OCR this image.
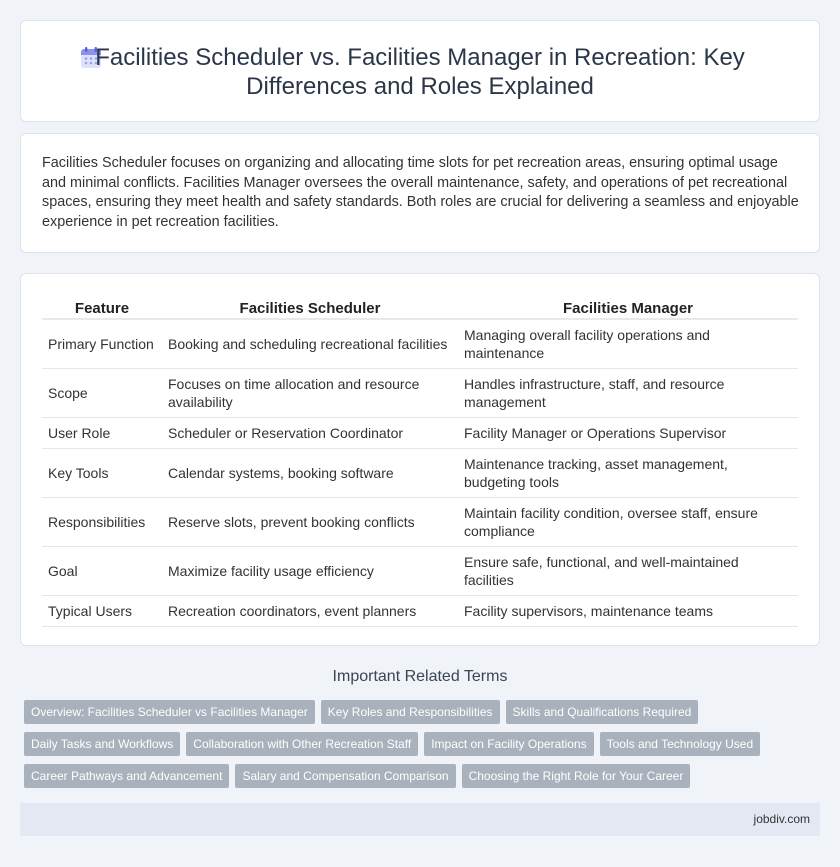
Facilities Scheduler vs. Facilities Manager in Recreation: Key Differences and Roles Explained

Facilities Scheduler focuses on organizing and allocating time slots for pet recreation areas, ensuring optimal usage and minimal conflicts. Facilities Manager oversees the overall maintenance, safety, and operations of pet recreational spaces, ensuring they meet health and safety standards. Both roles are crucial for delivering a seamless and enjoyable experience in pet recreation facilities.

Feature	Facilities Scheduler	Facilities Manager
Primary Function	Booking and scheduling recreational facilities	Managing overall facility operations and maintenance
Scope	Focuses on time allocation and resource availability	Handles infrastructure, staff, and resource management
User Role	Scheduler or Reservation Coordinator	Facility Manager or Operations Supervisor
Key Tools	Calendar systems, booking software	Maintenance tracking, asset management, budgeting tools
Responsibilities	Reserve slots, prevent booking conflicts	Maintain facility condition, oversee staff, ensure compliance
Goal	Maximize facility usage efficiency	Ensure safe, functional, and well-maintained facilities
Typical Users	Recreation coordinators, event planners	Facility supervisors, maintenance teams
Important Related Terms
Overview: Facilities Scheduler vs Facilities Manager Key Roles and Responsibilities Skills and Qualifications Required
Daily Tasks and Workflows Collaboration with Other Recreation Staff Impact on Facility Operations Tools and Technology Used
Career Pathways and Advancement Salary and Compensation Comparison Choosing the Right Role for Your Career
jobdiv.com
